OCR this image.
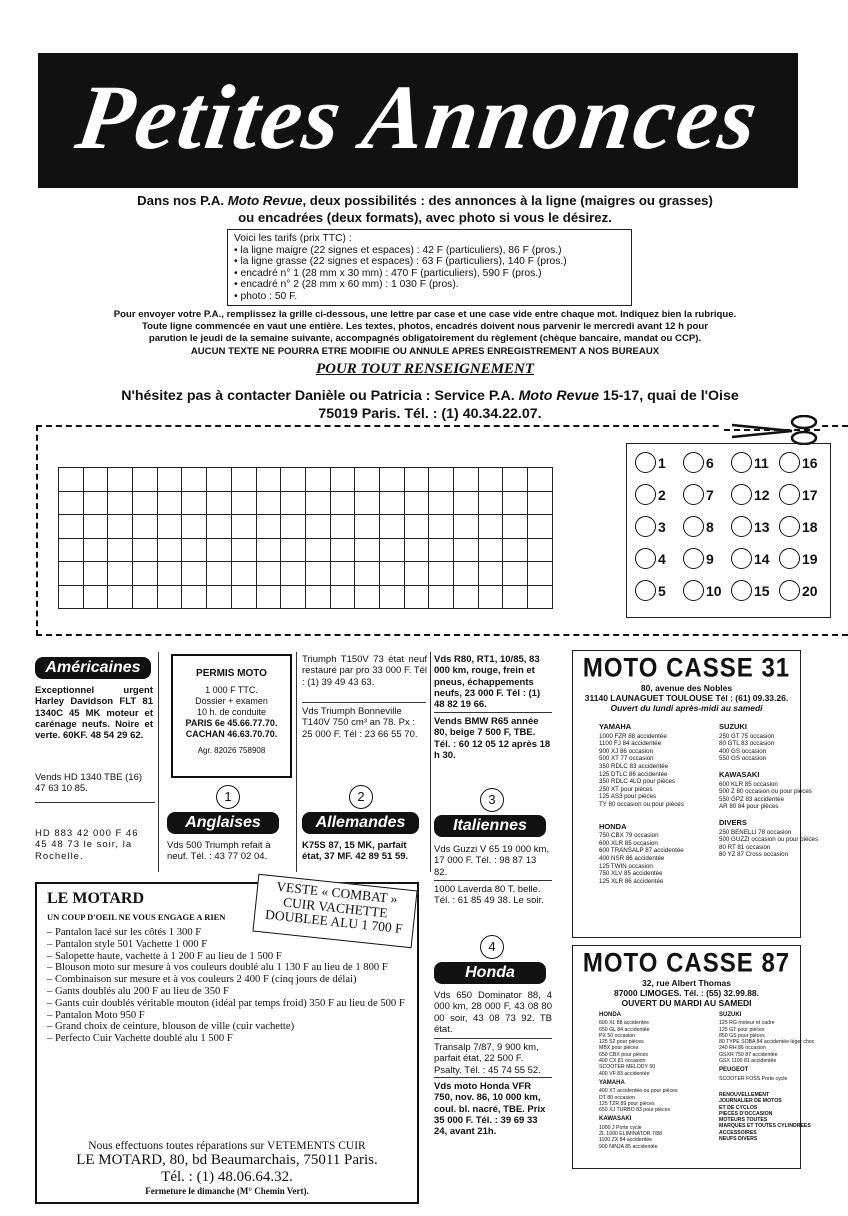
Petites Annonces
Dans nos P.A. Moto Revue, deux possibilités : des annonces à la ligne (maigres ou grasses)
ou encadrées (deux formats), avec photo si vous le désirez.
Voici les tarifs (prix TTC) :
• la ligne maigre (22 signes et espaces) : 42 F (particuliers), 86 F (pros.)
• la ligne grasse (22 signes et espaces) : 63 F (particuliers), 140 F (pros.)
• encadré n° 1 (28 mm x 30 mm) : 470 F (particuliers), 590 F (pros.)
• encadré n° 2 (28 mm x 60 mm) : 1 030 F (pros).
• photo : 50 F.
Pour envoyer votre P.A., remplissez la grille ci-dessous, une lettre par case et une case vide entre chaque mot. Indiquez bien la rubrique.
Toute ligne commencée en vaut une entière. Les textes, photos, encadrés doivent nous parvenir le mercredi avant 12 h pour
parution le jeudi de la semaine suivante, accompagnés obligatoirement du règlement (chèque bancaire, mandat ou CCP).
AUCUN TEXTE NE POURRA ETRE MODIFIE OU ANNULE APRES ENREGISTREMENT A NOS BUREAUX
POUR TOUT RENSEIGNEMENT
N'hésitez pas à contacter Danièle ou Patricia : Service P.A. Moto Revue 15-17, quai de l'Oise
75019 Paris. Tél. : (1) 40.34.22.07.
1
2
3
4
5
6
7
8
9
10
11
12
13
14
15
16
17
18
19
20
Américaines
Exceptionnel urgent Harley Davidson FLT 81 1340C 45 MK moteur et carénage neufs. Noire et verte. 60KF. 48 54 29 62.
Vends HD 1340 TBE (16) 47 63 10 85.
HD 883 42 000 F 46 45 48 73 le soir, la Rochelle.
PERMIS MOTO
1 000 F TTC.
Dossier + examen
10 h. de conduite
PARIS 6e 45.66.77.70.
CACHAN 46.63.70.70.
Agr. 82026 758908
1
Anglaises
Vds 500 Triumph refait à neuf. Tél. : 43 77 02 04.
Triumph T150V 73 état neuf restauré par pro 33 000 F. Tél : (1) 39 49 43 63.
Vds Triumph Bonneville T140V 750 cm³ an 78. Px : 25 000 F. Tél : 23 66 55 70.
2
Allemandes
K75S 87, 15 MK, parfait état, 37 MF. 42 89 51 59.
Vds R80, RT1, 10/85, 83 000 km, rouge, frein et pneus, échappements neufs, 23 000 F. Tél : (1) 48 82 19 66.
Vends BMW R65 année 80, beige 7 500 F, TBE. Tél. : 60 12 05 12 après 18 h 30.
3
Italiennes
Vds Guzzi V 65 19 000 km, 17 000 F. Tél. : 98 87 13 82.
1000 Laverda 80 T. belle. Tél. : 61 85 49 38. Le soir.
4
Honda
Vds 650 Dominator 88, 4 000 km, 28 000 F, 43 08 80 00 soir, 43 08 73 92. TB état.
Transalp 7/87, 9 900 km, parfait état, 22 500 F. Psalty. Tél. : 45 74 55 52.
Vds moto Honda VFR 750, nov. 86, 10 000 km, coul. bl. nacré, TBE. Prix 35 000 F. Tél. : 39 69 33 24, avant 21h.
MOTO CASSE 31
80, avenue des Nobles
31140 LAUNAGUET TOULOUSE Tél : (61) 09.33.26.
Ouvert du lundi après-midi au samedi
YAMAHA
1000 FZR 88 accidentée
1100 FJ 84 accidentée
900 XJ 86 occasion
500 XT 77 occasion
350 RDLC 83 accidentée
125 DTLC 86 accidentée
350 RDLC 4LO pour pièces
250 XT pour pièces
125 AS3 pour pièces
TY 80 occasion ou pour pièces
HONDA
750 CBX 79 occasion
600 XLR 85 occasion
600 TRANSALP 87 accidentée
400 NSR 86 accidentée
125 TWIN occasion
750 XLV 85 accidentée
125 XLR 86 accidentée
SUZUKI
250 GT 75 occasion
80 GTL 83 occasion
400 GS occasion
550 GS occasion
KAWASAKI
600 KLR 85 occasion
500 Z 80 occasion ou pour pièces
550 GPZ 83 accidentée
AR 80 84 pour pièces
DIVERS
250 BENELLI 78 occasion
500 GUZZI occasion ou pour pièces
80 RT 81 occasion
80 YZ 87 Cross occasion
MOTO CASSE 87
32, rue Albert Thomas
87000 LIMOGES. Tél. : (55) 32.99.88.
OUVERT DU MARDI AU SAMEDI
HONDA
600 XL 88 accidentée
650 GL 84 accidentée
PX 50 occasion
125 S2 pour pièces
MBX pour pièces
650 CBX pour pièces
400 CX 81 occasion
SCOOTER MELODY 50
400 VF 83 accidentée
YAMAHA
400 XT accidentée ou pour pièces
DT 80 occasion
125 TZR 89 pour pièces
650 XJ TURBO 83 pour pièces
KAWASAKI
1000 J Porte cycle
ZL 1000 ELIMINATOR 7/88
1100 ZX 84 accidentée
900 NINJA 85 accidentée
SUZUKI
125 RG moteur et cadre
125 GT pour pièces
850 GS pour pièces
80 TYPE SOBA 84 accidentée léger choc
240 RH 86 occasion
GSXR 750 87 accidentée
GSX 1100 81 accidentée
PEUGEOT
SCOOTER FOSS Porte cycle
RENOUVELLEMENT
JOURNALIER DE MOTOS
ET DE CYCLOS
PIECES D'OCCASION
MOTEURS TOUTES
MARQUES ET TOUTES CYLINDREES
ACCESSOIRES
NEUFS DIVERS
LE MOTARD
UN COUP D'OEIL NE VOUS ENGAGE A RIEN
VESTE « COMBAT »
CUIR VACHETTE
DOUBLEE ALU 1 700 F
– Pantalon lacé sur les côtés 1 300 F
– Pantalon style 501 Vachette 1 000 F
– Salopette haute, vachette à 1 200 F au lieu de 1 500 F
– Blouson moto sur mesure à vos couleurs doublé alu 1 130 F au lieu de 1 800 F
– Combinaison sur mesure et à vos couleurs 2 400 F (cinq jours de délai)
– Gants doublés alu 200 F au lieu de 350 F
– Gants cuir doublés véritable mouton (idéal par temps froid) 350 F au lieu de 500 F
– Pantalon Moto 950 F
– Grand choix de ceinture, blouson de ville (cuir vachette)
– Perfecto Cuir Vachette doublé alu 1 500 F
Nous effectuons toutes réparations sur VETEMENTS CUIR
LE MOTARD, 80, bd Beaumarchais, 75011 Paris.
Tél. : (1) 48.06.64.32.
Fermeture le dimanche (M° Chemin Vert).
